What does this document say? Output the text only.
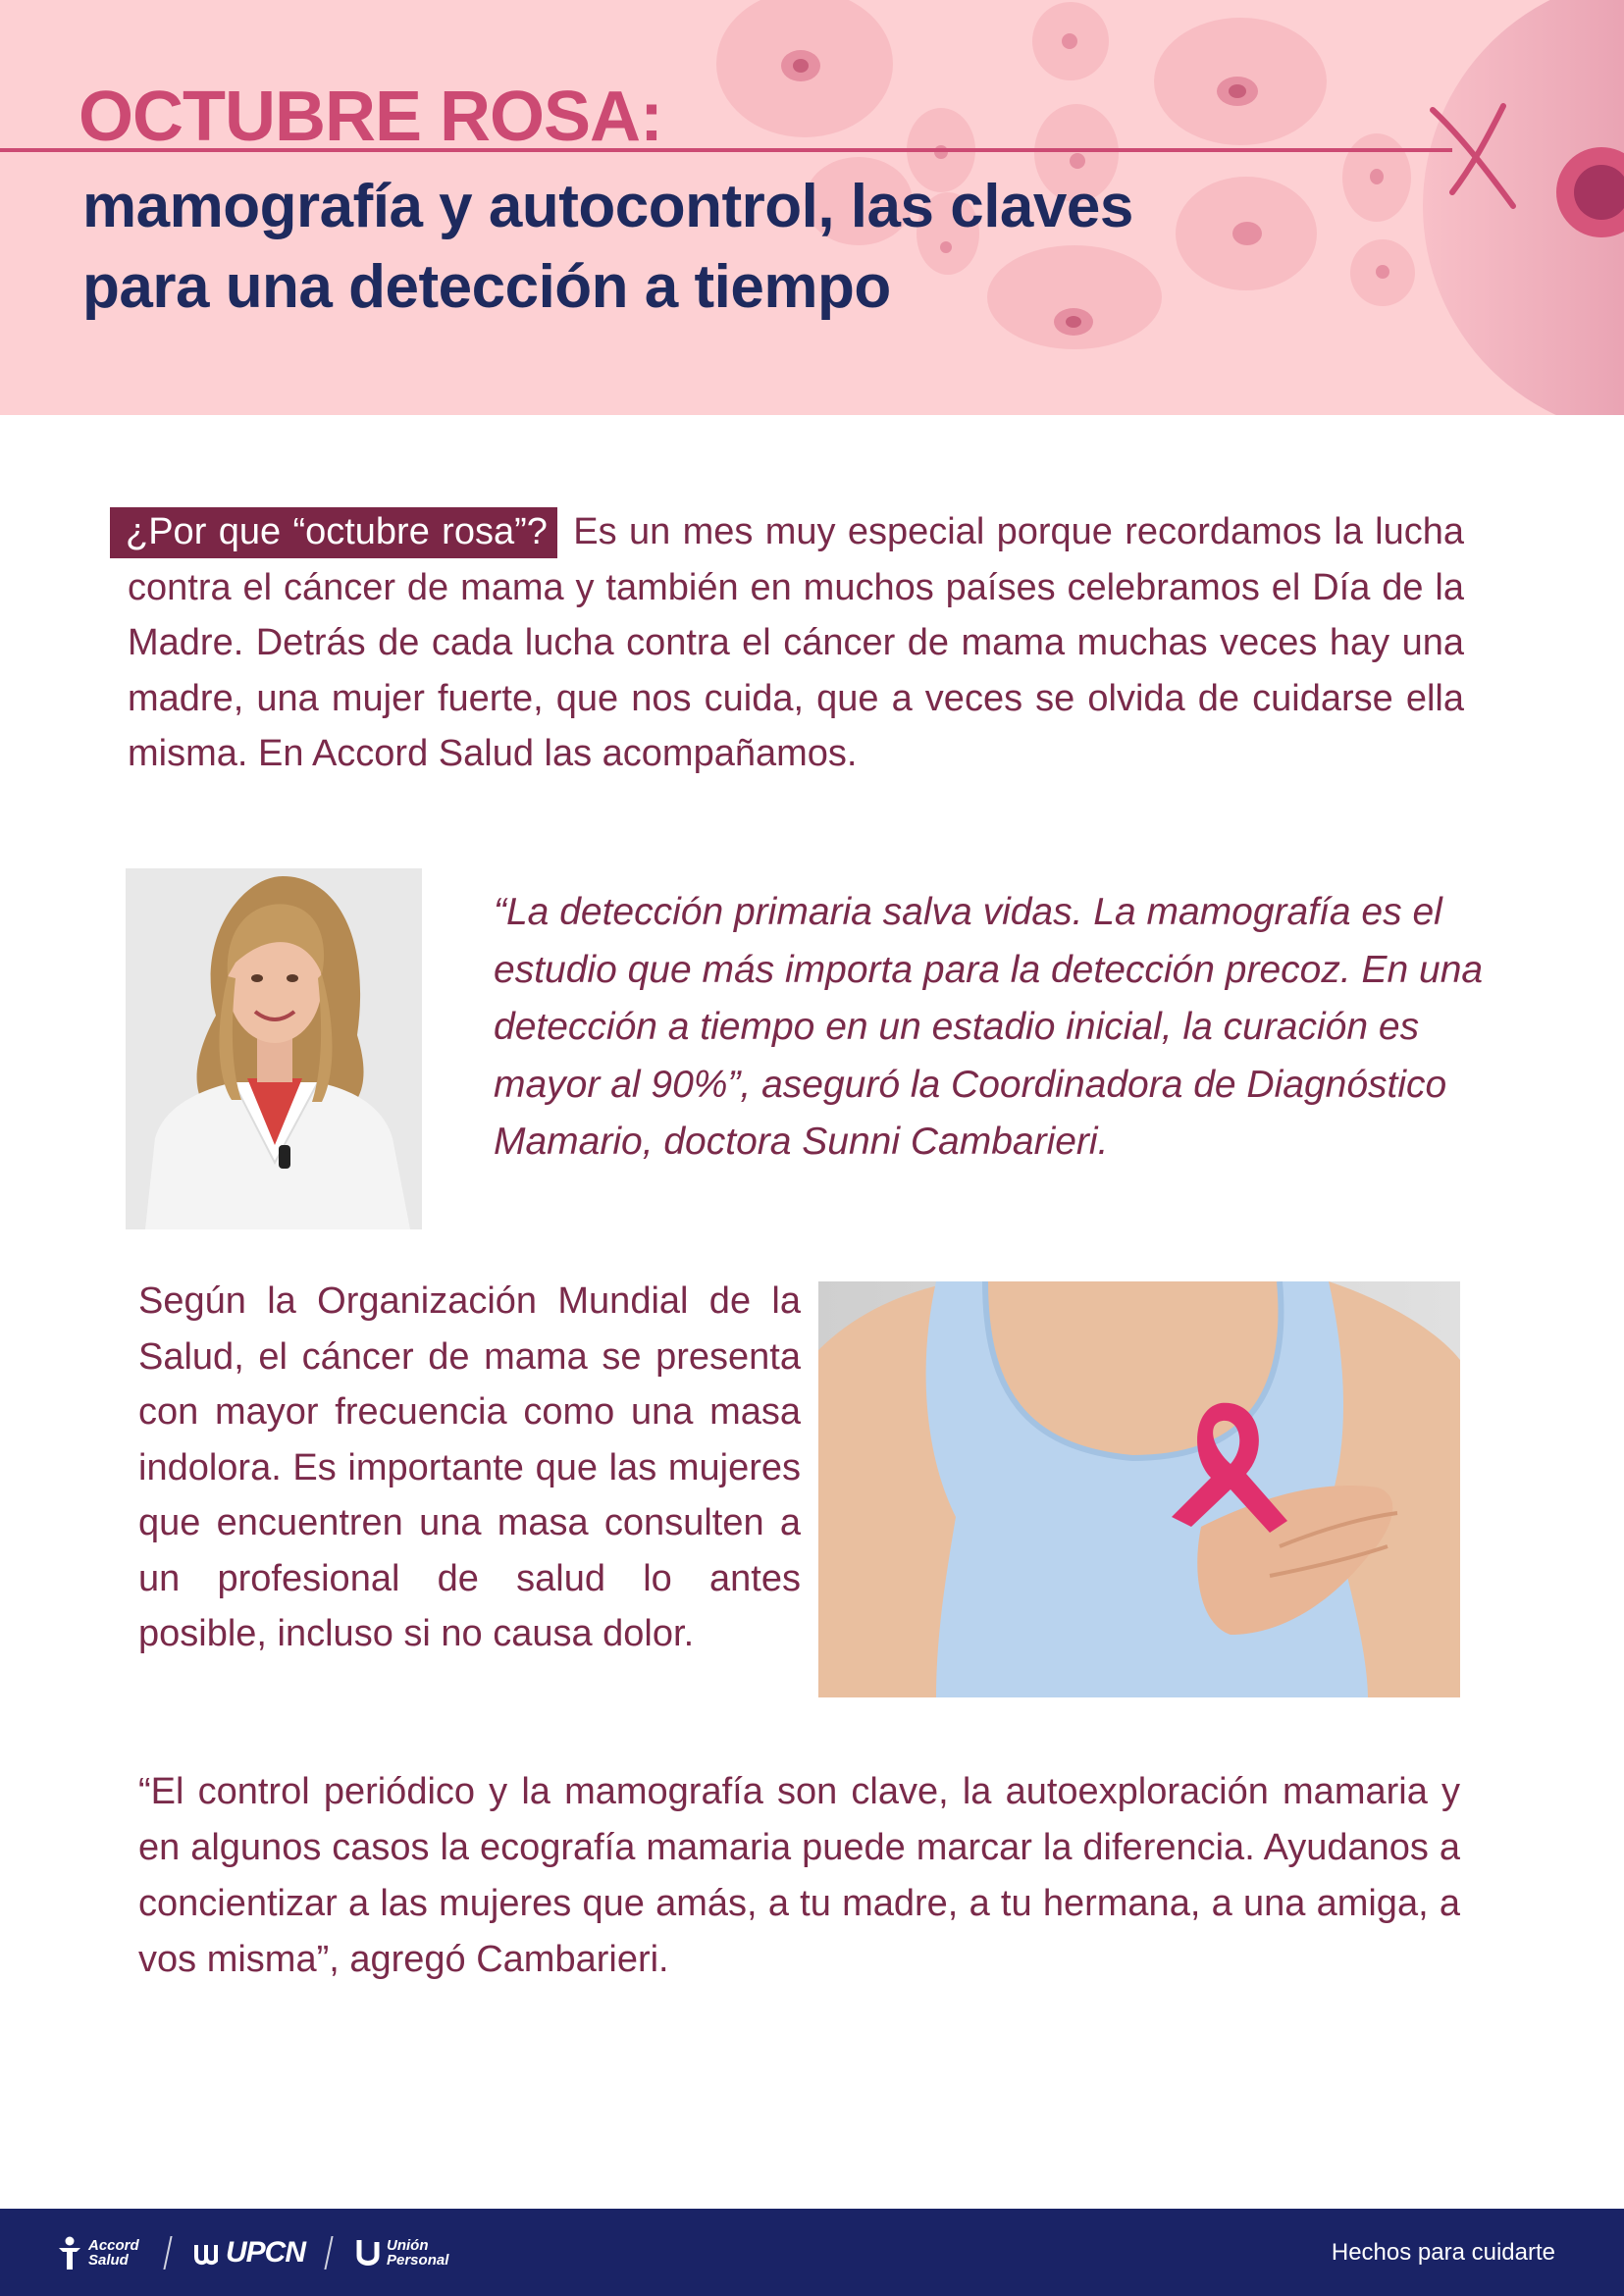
OCTUBRE ROSA:
mamografía y autocontrol, las claves
para una detección a tiempo

¿Por que “octubre rosa”? Es un mes muy especial porque recordamos la lucha contra el cáncer de mama y también en muchos países celebramos el Día de la Madre. Detrás de cada lucha contra el cáncer de mama muchas veces hay una madre, una mujer fuerte, que nos cuida, que a veces se olvida de cuidarse ella misma. En Accord Salud las acompañamos.

“La detección primaria salva vidas. La mamografía es el estudio que más importa para la detección precoz. En una detección a tiempo en un estadio inicial, la curación es mayor al 90%”, aseguró la Coordinadora de Diagnóstico Mamario, doctora Sunni Cambarieri.

Según la Organización Mundial de la Salud, el cáncer de mama se presenta con mayor frecuencia como una masa indolora. Es importante que las mujeres que encuentren una masa consulten a un profesional de salud lo antes posible, incluso si no causa dolor.

“El control periódico y la mamografía son clave, la autoexploración mamaria y en algunos casos la ecografía mamaria puede marcar la diferencia. Ayudanos a concientizar a las mujeres que amás, a tu madre, a tu hermana, a una amiga, a vos misma”, agregó Cambarieri.

Accord
Salud	UPCN	Unión
Personal	Hechos para cuidarte
